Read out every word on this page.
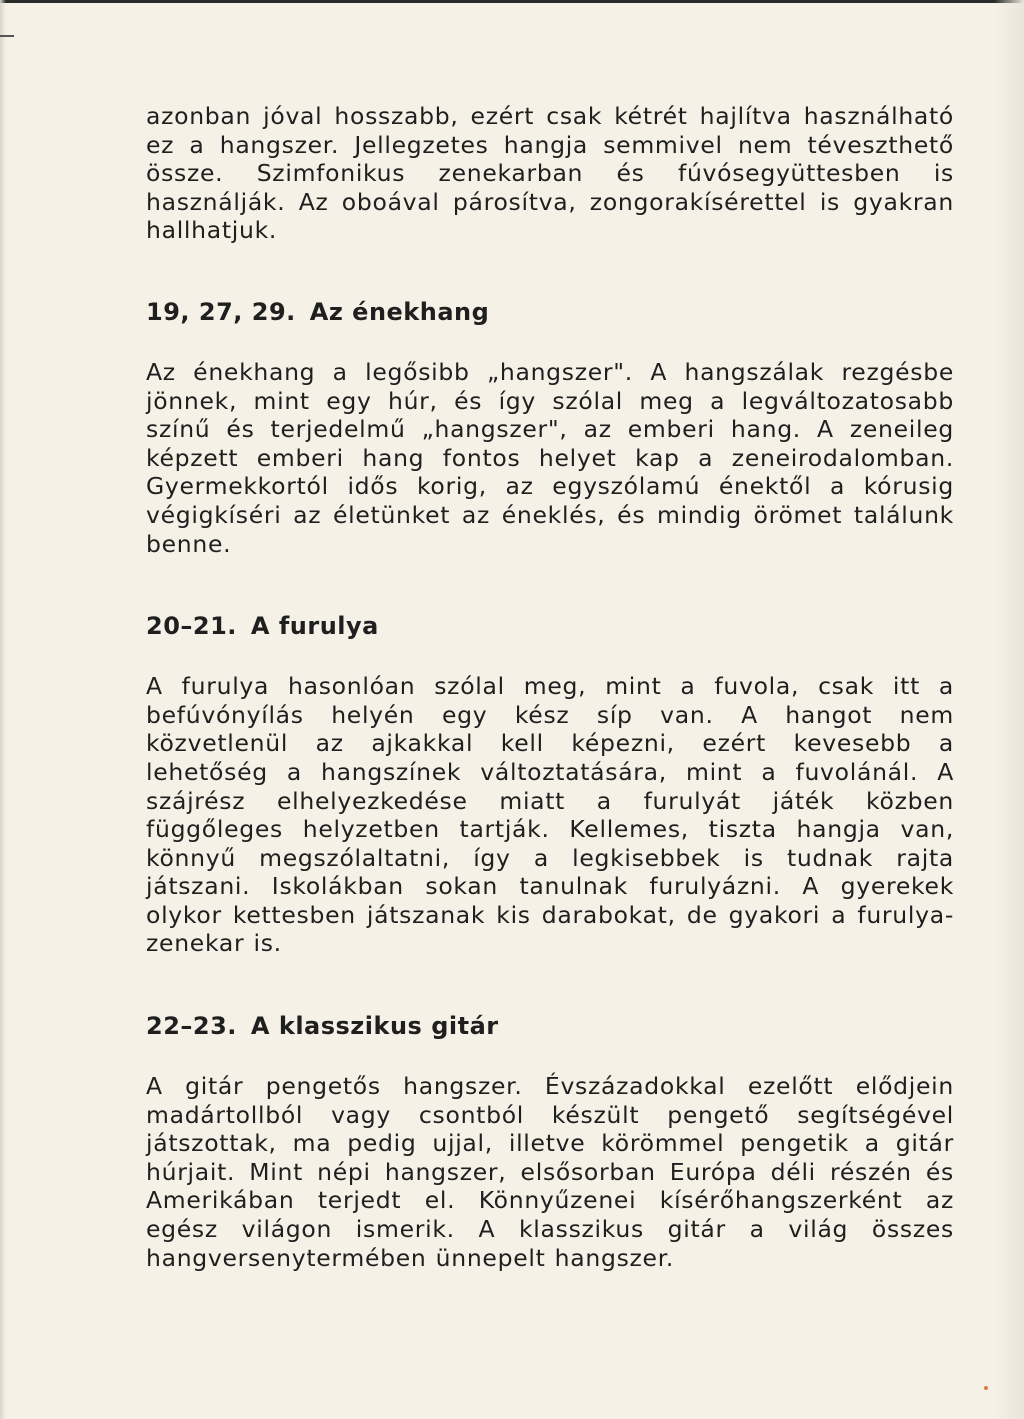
azonban jóval hosszabb, ezért csak kétrét hajlítva használható ez a hangszer. Jellegzetes hangja semmivel nem téveszthető össze. Szimfonikus zenekarban és fúvósegyüttesben is használják. Az oboával párosítva, zongorakísérettel is gyakran hallhatjuk.

19, 27, 29. Az énekhang

Az énekhang a legősibb „hangszer". A hangszálak rezgésbe jönnek, mint egy húr, és így szólal meg a legváltozatosabb színű és terjedelmű „hangszer", az emberi hang. A zeneileg képzett emberi hang fontos helyet kap a zeneirodalomban. Gyermekkortól idős korig, az egyszólamú énektől a kórusig végigkíséri az életünket az éneklés, és mindig örömet találunk benne.

20–21. A furulya

A furulya hasonlóan szólal meg, mint a fuvola, csak itt a befúvónyílás helyén egy kész síp van. A hangot nem közvetlenül az ajkakkal kell képezni, ezért kevesebb a lehetőség a hangszínek változtatására, mint a fuvolánál. A szájrész elhelyezkedése miatt a furulyát játék közben függőleges helyzetben tartják. Kellemes, tiszta hangja van, könnyű megszólaltatni, így a legkisebbek is tudnak rajta játszani. Iskolákban sokan tanulnak furulyázni. A gyerekek olykor kettesben játszanak kis darabokat, de gyakori a furulya-zenekar is.

22–23. A klasszikus gitár

A gitár pengetős hangszer. Évszázadokkal ezelőtt elődjein madártollból vagy csontból készült pengető segítségével játszottak, ma pedig ujjal, illetve körömmel pengetik a gitár húrjait. Mint népi hangszer, elsősorban Európa déli részén és Amerikában terjedt el. Könnyűzenei kísérőhangszerként az egész világon ismerik. A klasszikus gitár a világ összes hangversenytermében ünnepelt hangszer.
